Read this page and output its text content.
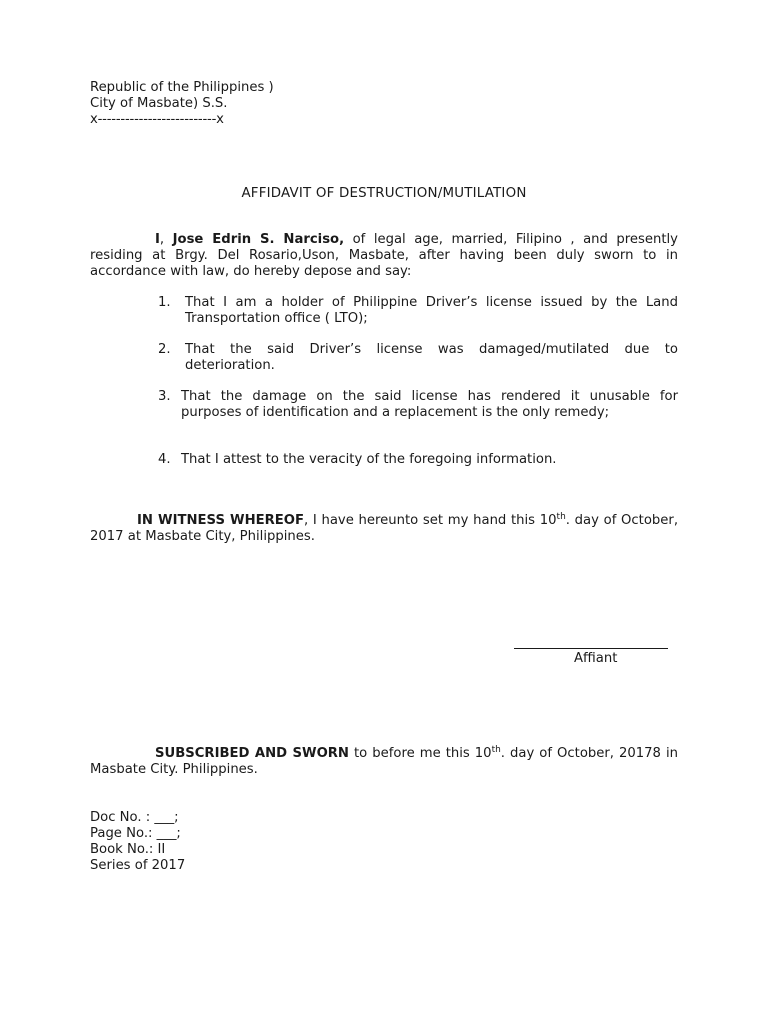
Republic of the Philippines )
City of Masbate) S.S.
x--------------------------x
AFFIDAVIT OF DESTRUCTION/MUTILATION
I, Jose Edrin S. Narciso, of legal age, married, Filipino , and presently residing at Brgy. Del Rosario,Uson, Masbate, after having been duly sworn to in accordance with law, do hereby depose and say:
1. That I am a holder of Philippine Driver’s license issued by the Land Transportation office ( LTO);
2. That the said Driver’s license was damaged/mutilated due to deterioration.
3. That the damage on the said license has rendered it unusable for purposes of identification and a replacement is the only remedy;
4. That I attest to the veracity of the foregoing information.
IN WITNESS WHEREOF, I have hereunto set my hand this 10th. day of October, 2017 at Masbate City, Philippines.
Affiant
SUBSCRIBED AND SWORN to before me this 10th. day of October, 20178 in Masbate City. Philippines.
Doc No. : ___;
Page No.: ___;
Book No.: II
Series of 2017
